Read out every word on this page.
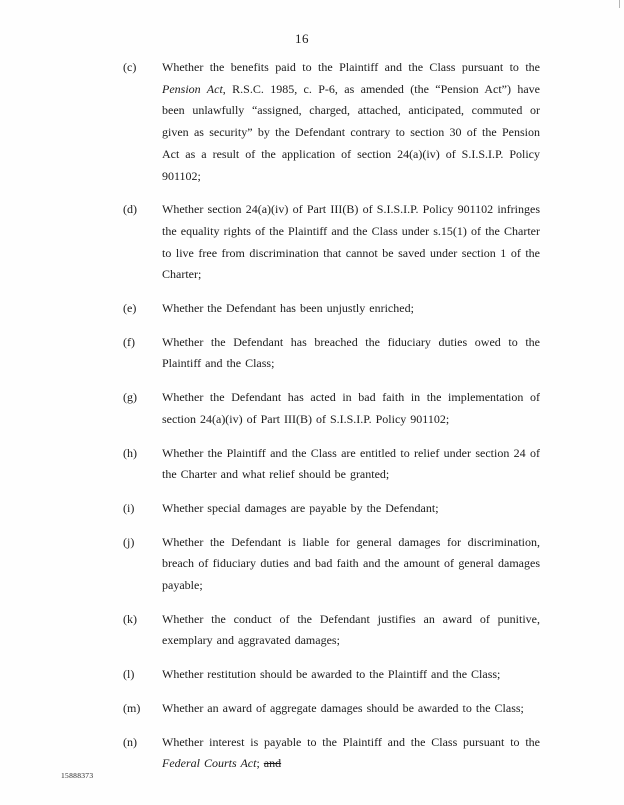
16
(c)	Whether the benefits paid to the Plaintiff and the Class pursuant to the Pension Act, R.S.C. 1985, c. P-6, as amended (the “Pension Act”) have been unlawfully “assigned, charged, attached, anticipated, commuted or given as security” by the Defendant contrary to section 30 of the Pension Act as a result of the application of section 24(a)(iv) of S.I.S.I.P. Policy 901102;

(d)	Whether section 24(a)(iv) of Part III(B) of S.I.S.I.P. Policy 901102 infringes the equality rights of the Plaintiff and the Class under s.15(1) of the Charter to live free from discrimination that cannot be saved under section 1 of the Charter;

(e)	Whether the Defendant has been unjustly enriched;

(f)	Whether the Defendant has breached the fiduciary duties owed to the Plaintiff and the Class;

(g)	Whether the Defendant has acted in bad faith in the implementation of section 24(a)(iv) of Part III(B) of S.I.S.I.P. Policy 901102;

(h)	Whether the Plaintiff and the Class are entitled to relief under section 24 of the Charter and what relief should be granted;

(i)	Whether special damages are payable by the Defendant;

(j)	Whether the Defendant is liable for general damages for discrimination, breach of fiduciary duties and bad faith and the amount of general damages payable;

(k)	Whether the conduct of the Defendant justifies an award of punitive, exemplary and aggravated damages;

(l)	Whether restitution should be awarded to the Plaintiff and the Class;

(m)	Whether an award of aggregate damages should be awarded to the Class;

(n)	Whether interest is payable to the Plaintiff and the Class pursuant to the Federal Courts Act; and

15888373
